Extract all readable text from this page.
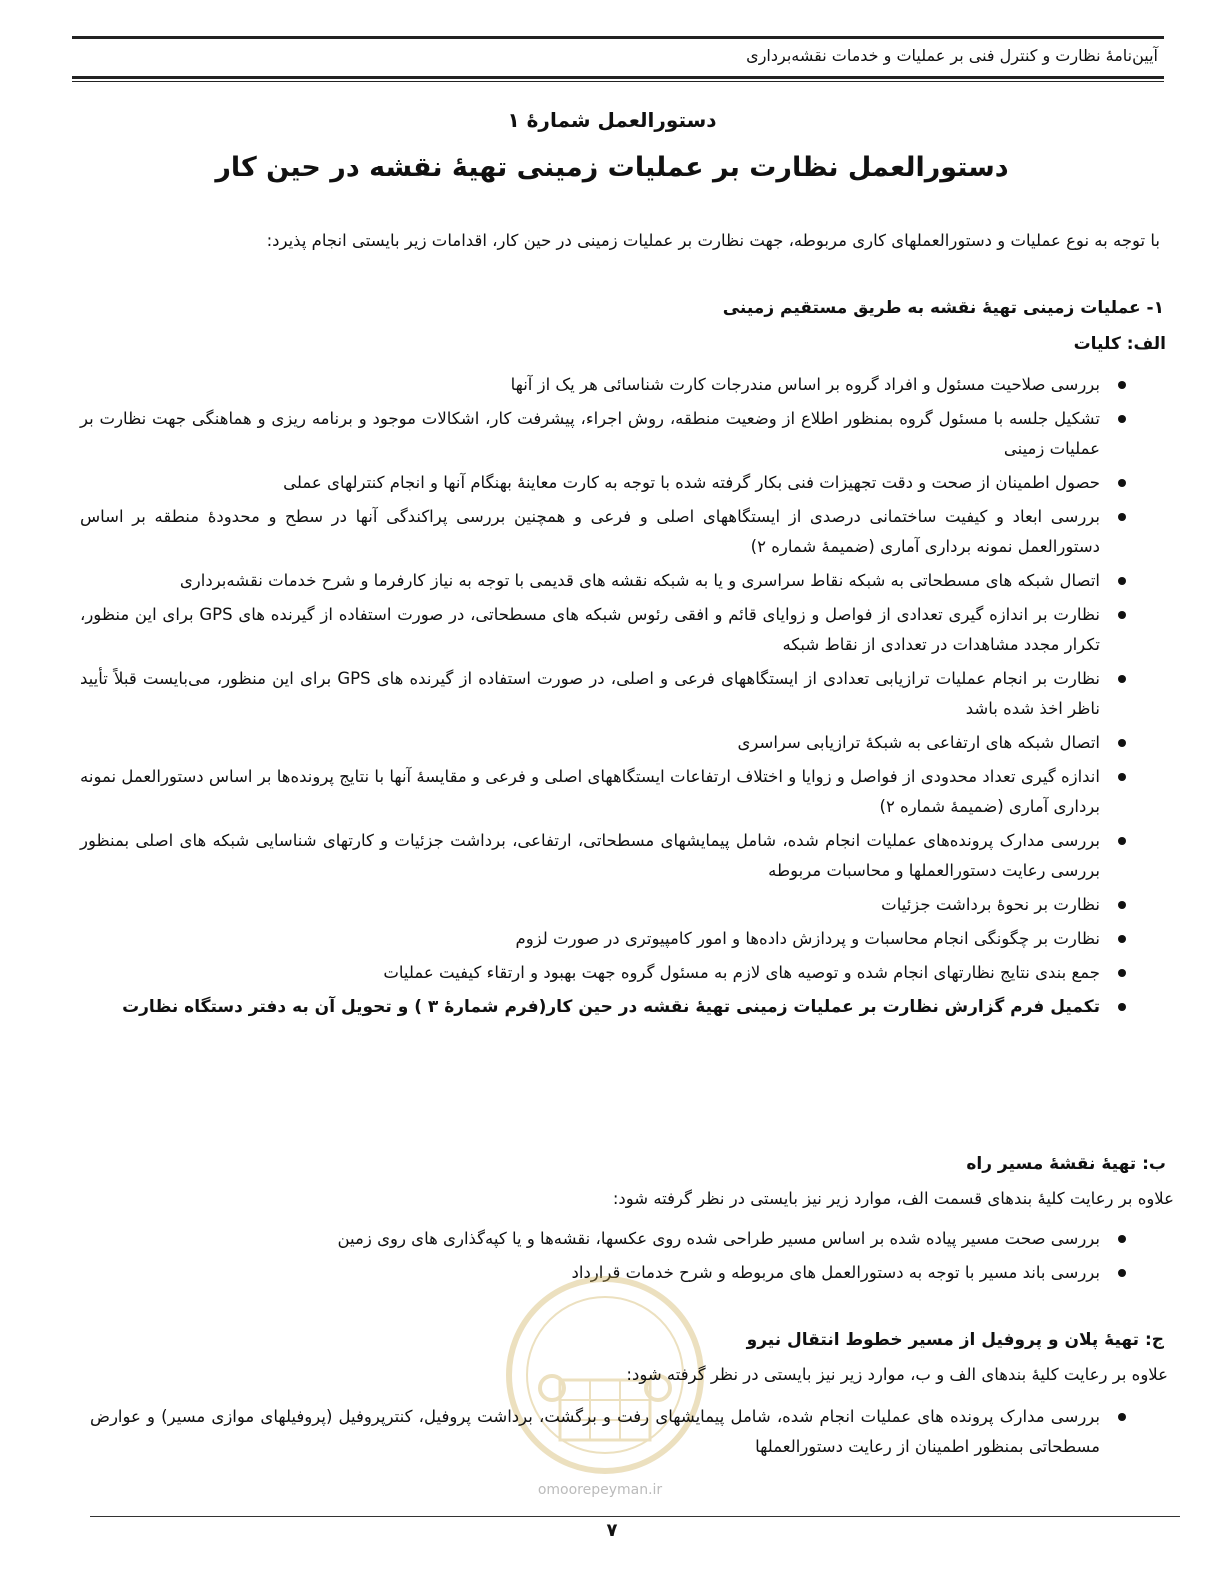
آیین‌نامهٔ نظارت و کنترل فنی بر عملیات و خدمات نقشه‌برداری
دستورالعمل شمارهٔ ۱
دستورالعمل نظارت بر عملیات زمینی تهیهٔ نقشه در حین کار
با توجه به نوع عملیات و دستورالعملهای کاری مربوطه، جهت نظارت بر عملیات زمینی در حین کار، اقدامات زیر بایستی انجام پذیرد:
۱- عملیات زمینی تهیهٔ نقشه به طریق مستقیم زمینی
الف: کلیات
بررسی صلاحیت مسئول و افراد گروه بر اساس مندرجات کارت شناسائی هر یک از آنها
تشکیل جلسه با مسئول گروه بمنظور اطلاع از وضعیت منطقه، روش اجراء، پیشرفت کار، اشکالات موجود و برنامه ریزی و هماهنگی جهت نظارت بر عملیات زمینی
حصول اطمینان از صحت و دقت تجهیزات فنی بکار گرفته شده با توجه به کارت معاینهٔ بهنگام آنها و انجام کنترلهای عملی
بررسی ابعاد و کیفیت ساختمانی درصدی از ایستگاههای اصلی و فرعی و همچنین بررسی پراکندگی آنها در سطح و محدودهٔ منطقه بر اساس دستورالعمل نمونه برداری آماری (ضمیمهٔ شماره ۲)
اتصال شبکه های مسطحاتی به شبکه نقاط سراسری و یا به شبکه نقشه های قدیمی با توجه به نیاز کارفرما و شرح خدمات نقشه‌برداری
نظارت بر اندازه گیری تعدادی از فواصل و زوایای قائم و افقی رئوس شبکه های مسطحاتی، در صورت استفاده از گیرنده های GPS برای این منظور، تکرار مجدد مشاهدات در تعدادی از نقاط شبکه
نظارت بر انجام عملیات ترازیابی تعدادی از ایستگاههای فرعی و اصلی، در صورت استفاده از گیرنده های GPS برای این منظور، می‌بایست قبلاً تأیید ناظر اخذ شده باشد
اتصال شبکه های ارتفاعی به شبکهٔ ترازیابی سراسری
اندازه گیری تعداد محدودی از فواصل و زوایا و اختلاف ارتفاعات ایستگاههای اصلی و فرعی و مقایسهٔ آنها با نتایج پرونده‌ها بر اساس دستورالعمل نمونه برداری آماری (ضمیمهٔ شماره ۲)
بررسی مدارک پرونده‌های عملیات انجام شده، شامل پیمایشهای مسطحاتی، ارتفاعی، برداشت جزئیات و کارتهای شناسایی شبکه های اصلی بمنظور بررسی رعایت دستورالعملها و محاسبات مربوطه
نظارت بر نحوهٔ برداشت جزئیات
نظارت بر چگونگی انجام محاسبات و پردازش داده‌ها و امور کامپیوتری در صورت لزوم
جمع بندی نتایج نظارتهای انجام شده و توصیه های لازم به مسئول گروه جهت بهبود و ارتقاء کیفیت عملیات
تکمیل فرم گزارش نظارت بر عملیات زمینی تهیهٔ نقشه در حین کار(فرم شمارهٔ ۳ ) و تحویل آن به دفتر دستگاه نظارت
ب: تهیهٔ نقشهٔ مسیر راه
علاوه بر رعایت کلیهٔ بندهای قسمت الف، موارد زیر نیز بایستی در نظر گرفته شود:
بررسی صحت مسیر پیاده شده بر اساس مسیر طراحی شده روی عکسها، نقشه‌ها و یا کپه‌گذاری های روی زمین
بررسی باند مسیر با توجه به دستورالعمل های مربوطه و شرح خدمات قرارداد
ج: تهیهٔ پلان و پروفیل از مسیر خطوط انتقال نیرو
علاوه بر رعایت کلیهٔ بندهای الف و ب، موارد زیر نیز بایستی در نظر گرفته شود:
بررسی مدارک پرونده های عملیات انجام شده، شامل پیمایشهای رفت و برگشت، برداشت پروفیل، کنترپروفیل (پروفیلهای موازی مسیر) و عوارض مسطحاتی بمنظور اطمینان از رعایت دستورالعملها
omoorepeyman.ir
۷
